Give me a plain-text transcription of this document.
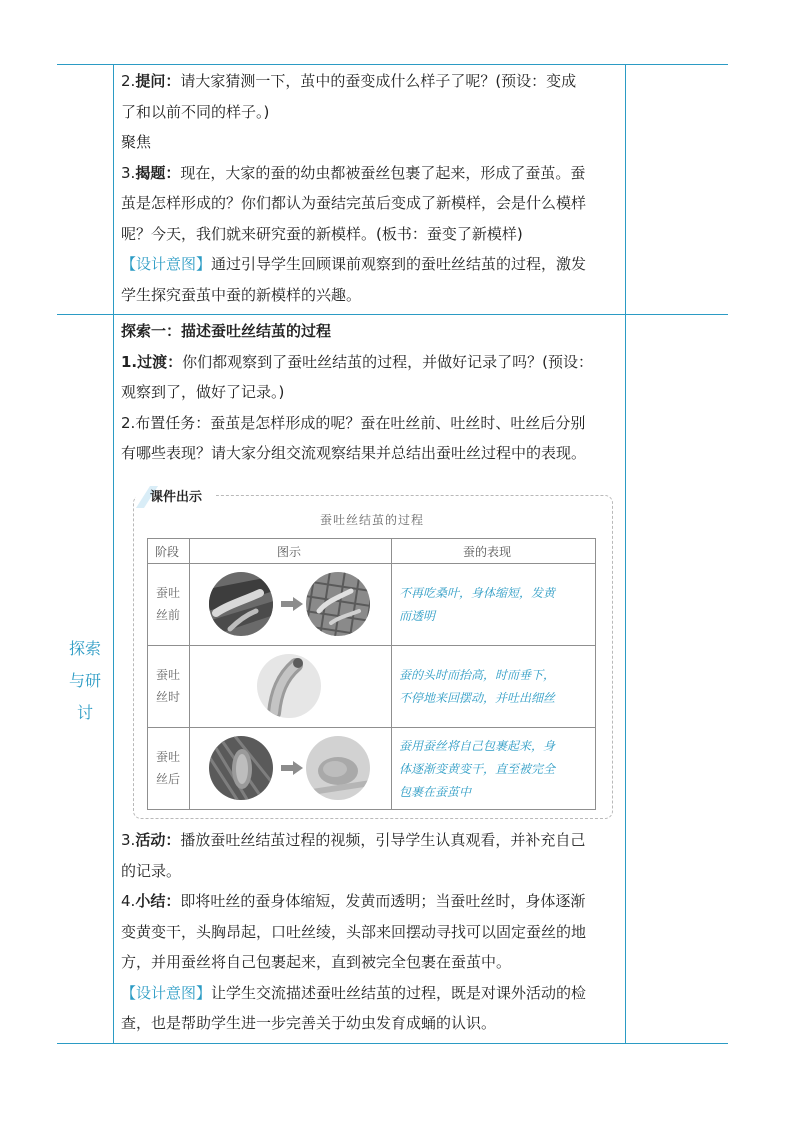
2.提问：请大家猜测一下，茧中的蚕变成什么样子了呢？(预设：变成

了和以前不同的样子。)

聚焦

3.揭题：现在，大家的蚕的幼虫都被蚕丝包裹了起来，形成了蚕茧。蚕

茧是怎样形成的？你们都认为蚕结完茧后变成了新模样，会是什么模样

呢？今天，我们就来研究蚕的新模样。(板书：蚕变了新模样)

【设计意图】通过引导学生回顾课前观察到的蚕吐丝结茧的过程，激发

学生探究蚕茧中蚕的新模样的兴趣。

探索
与研
讨

探索一：描述蚕吐丝结茧的过程

1.过渡：你们都观察到了蚕吐丝结茧的过程，并做好记录了吗？(预设：

观察到了，做好了记录。)

2.布置任务：蚕茧是怎样形成的呢？蚕在吐丝前、吐丝时、吐丝后分别

有哪些表现？请大家分组交流观察结果并总结出蚕吐丝过程中的表现。

课件出示
蚕吐丝结茧的过程
阶段	图示	蚕的表现
蚕吐
丝前
不再吃桑叶，身体缩短，发黄
而透明
蚕吐
丝时
蚕的头时而抬高，时而垂下，
不停地来回摆动，并吐出细丝
蚕吐
丝后
蚕用蚕丝将自己包裹起来，身
体逐渐变黄变干，直至被完全
包裹在蚕茧中

3.活动：播放蚕吐丝结茧过程的视频，引导学生认真观看，并补充自己

的记录。

4.小结：即将吐丝的蚕身体缩短，发黄而透明；当蚕吐丝时，身体逐渐

变黄变干，头胸昂起，口吐丝绫，头部来回摆动寻找可以固定蚕丝的地

方，并用蚕丝将自己包裹起来，直到被完全包裹在蚕茧中。

【设计意图】让学生交流描述蚕吐丝结茧的过程，既是对课外活动的检

查，也是帮助学生进一步完善关于幼虫发育成蛹的认识。
